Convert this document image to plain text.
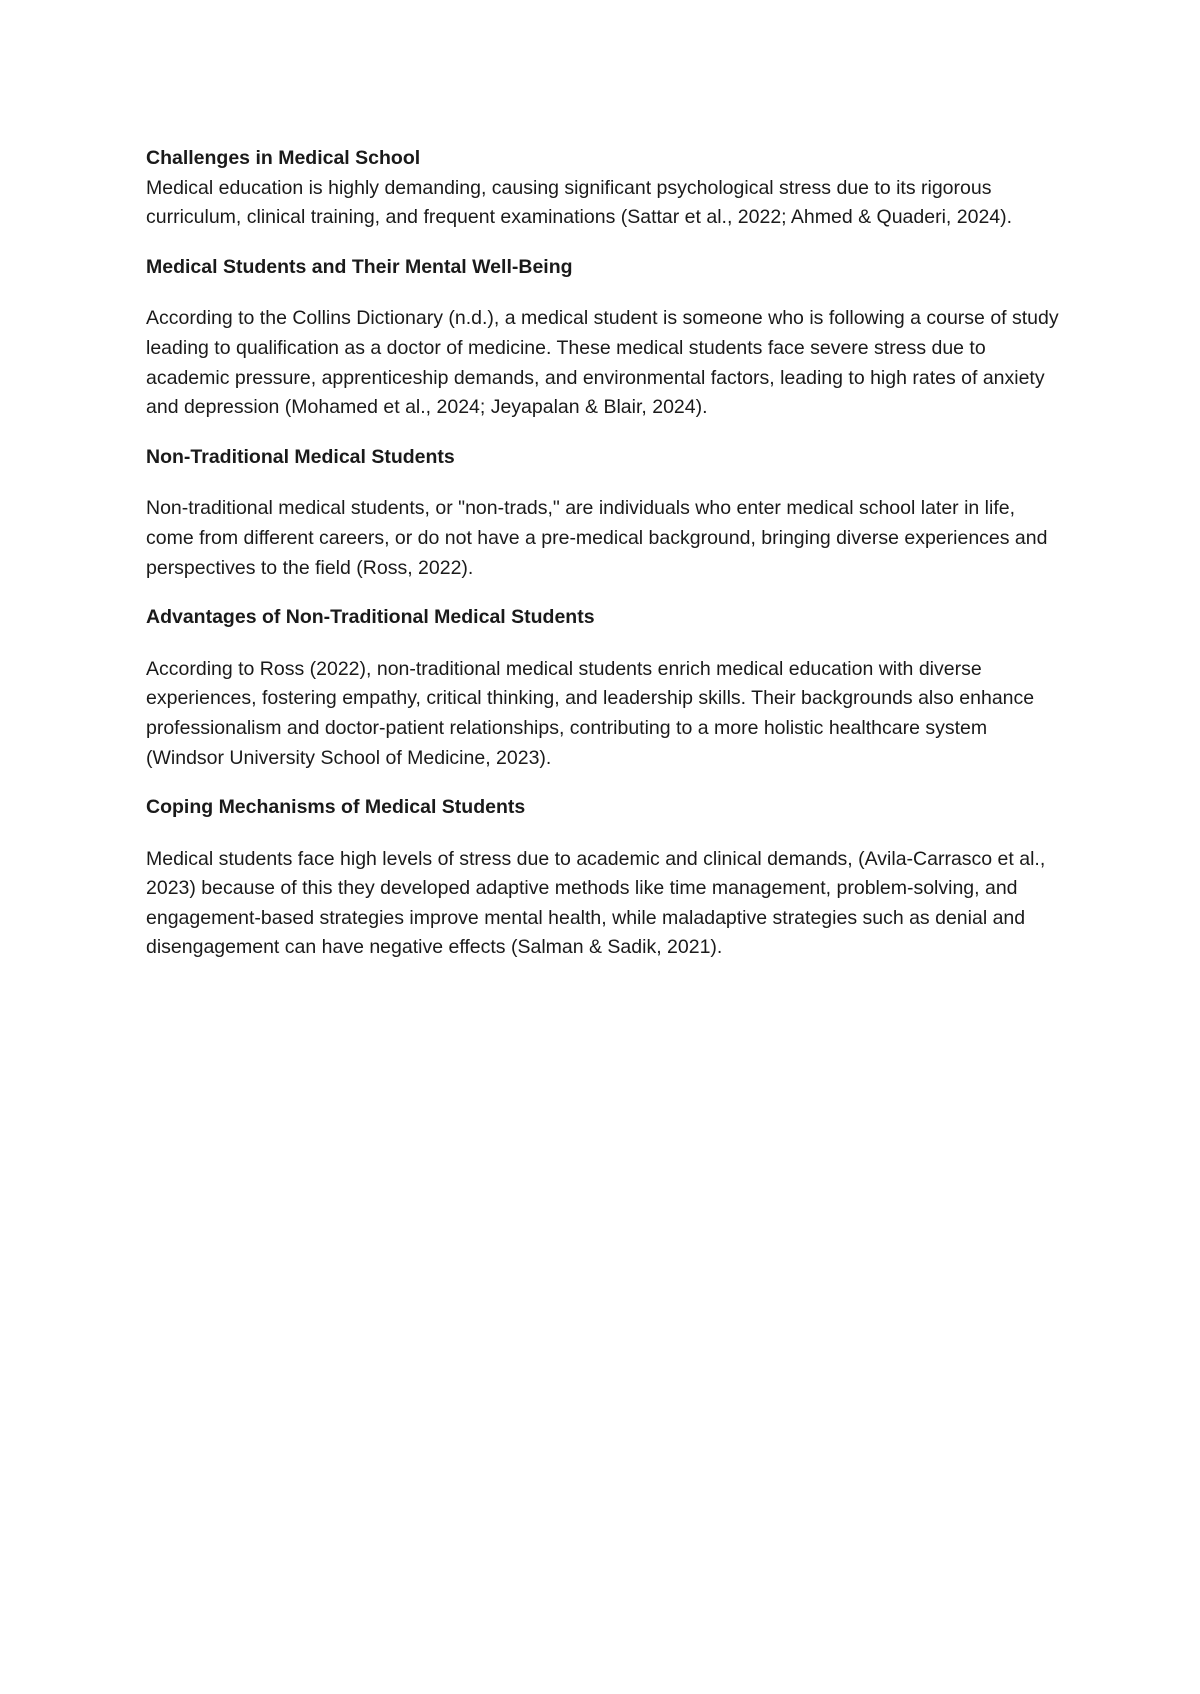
Challenges in Medical School

Medical education is highly demanding, causing significant psychological stress due to its rigorous curriculum, clinical training, and frequent examinations (Sattar et al., 2022; Ahmed & Quaderi, 2024).

Medical Students and Their Mental Well-Being

According to the Collins Dictionary (n.d.), a medical student is someone who is following a course of study leading to qualification as a doctor of medicine. These medical students face severe stress due to academic pressure, apprenticeship demands, and environmental factors, leading to high rates of anxiety and depression (Mohamed et al., 2024; Jeyapalan & Blair, 2024).

Non-Traditional Medical Students

Non-traditional medical students, or "non-trads," are individuals who enter medical school later in life, come from different careers, or do not have a pre-medical background, bringing diverse experiences and perspectives to the field (Ross, 2022).

Advantages of Non-Traditional Medical Students

According to Ross (2022), non-traditional medical students enrich medical education with diverse experiences, fostering empathy, critical thinking, and leadership skills. Their backgrounds also enhance professionalism and doctor-patient relationships, contributing to a more holistic healthcare system (Windsor University School of Medicine, 2023).

Coping Mechanisms of Medical Students

Medical students face high levels of stress due to academic and clinical demands, (Avila-Carrasco et al., 2023) because of this they developed adaptive methods like time management, problem-solving, and engagement-based strategies improve mental health, while maladaptive strategies such as denial and disengagement can have negative effects (Salman & Sadik, 2021).
